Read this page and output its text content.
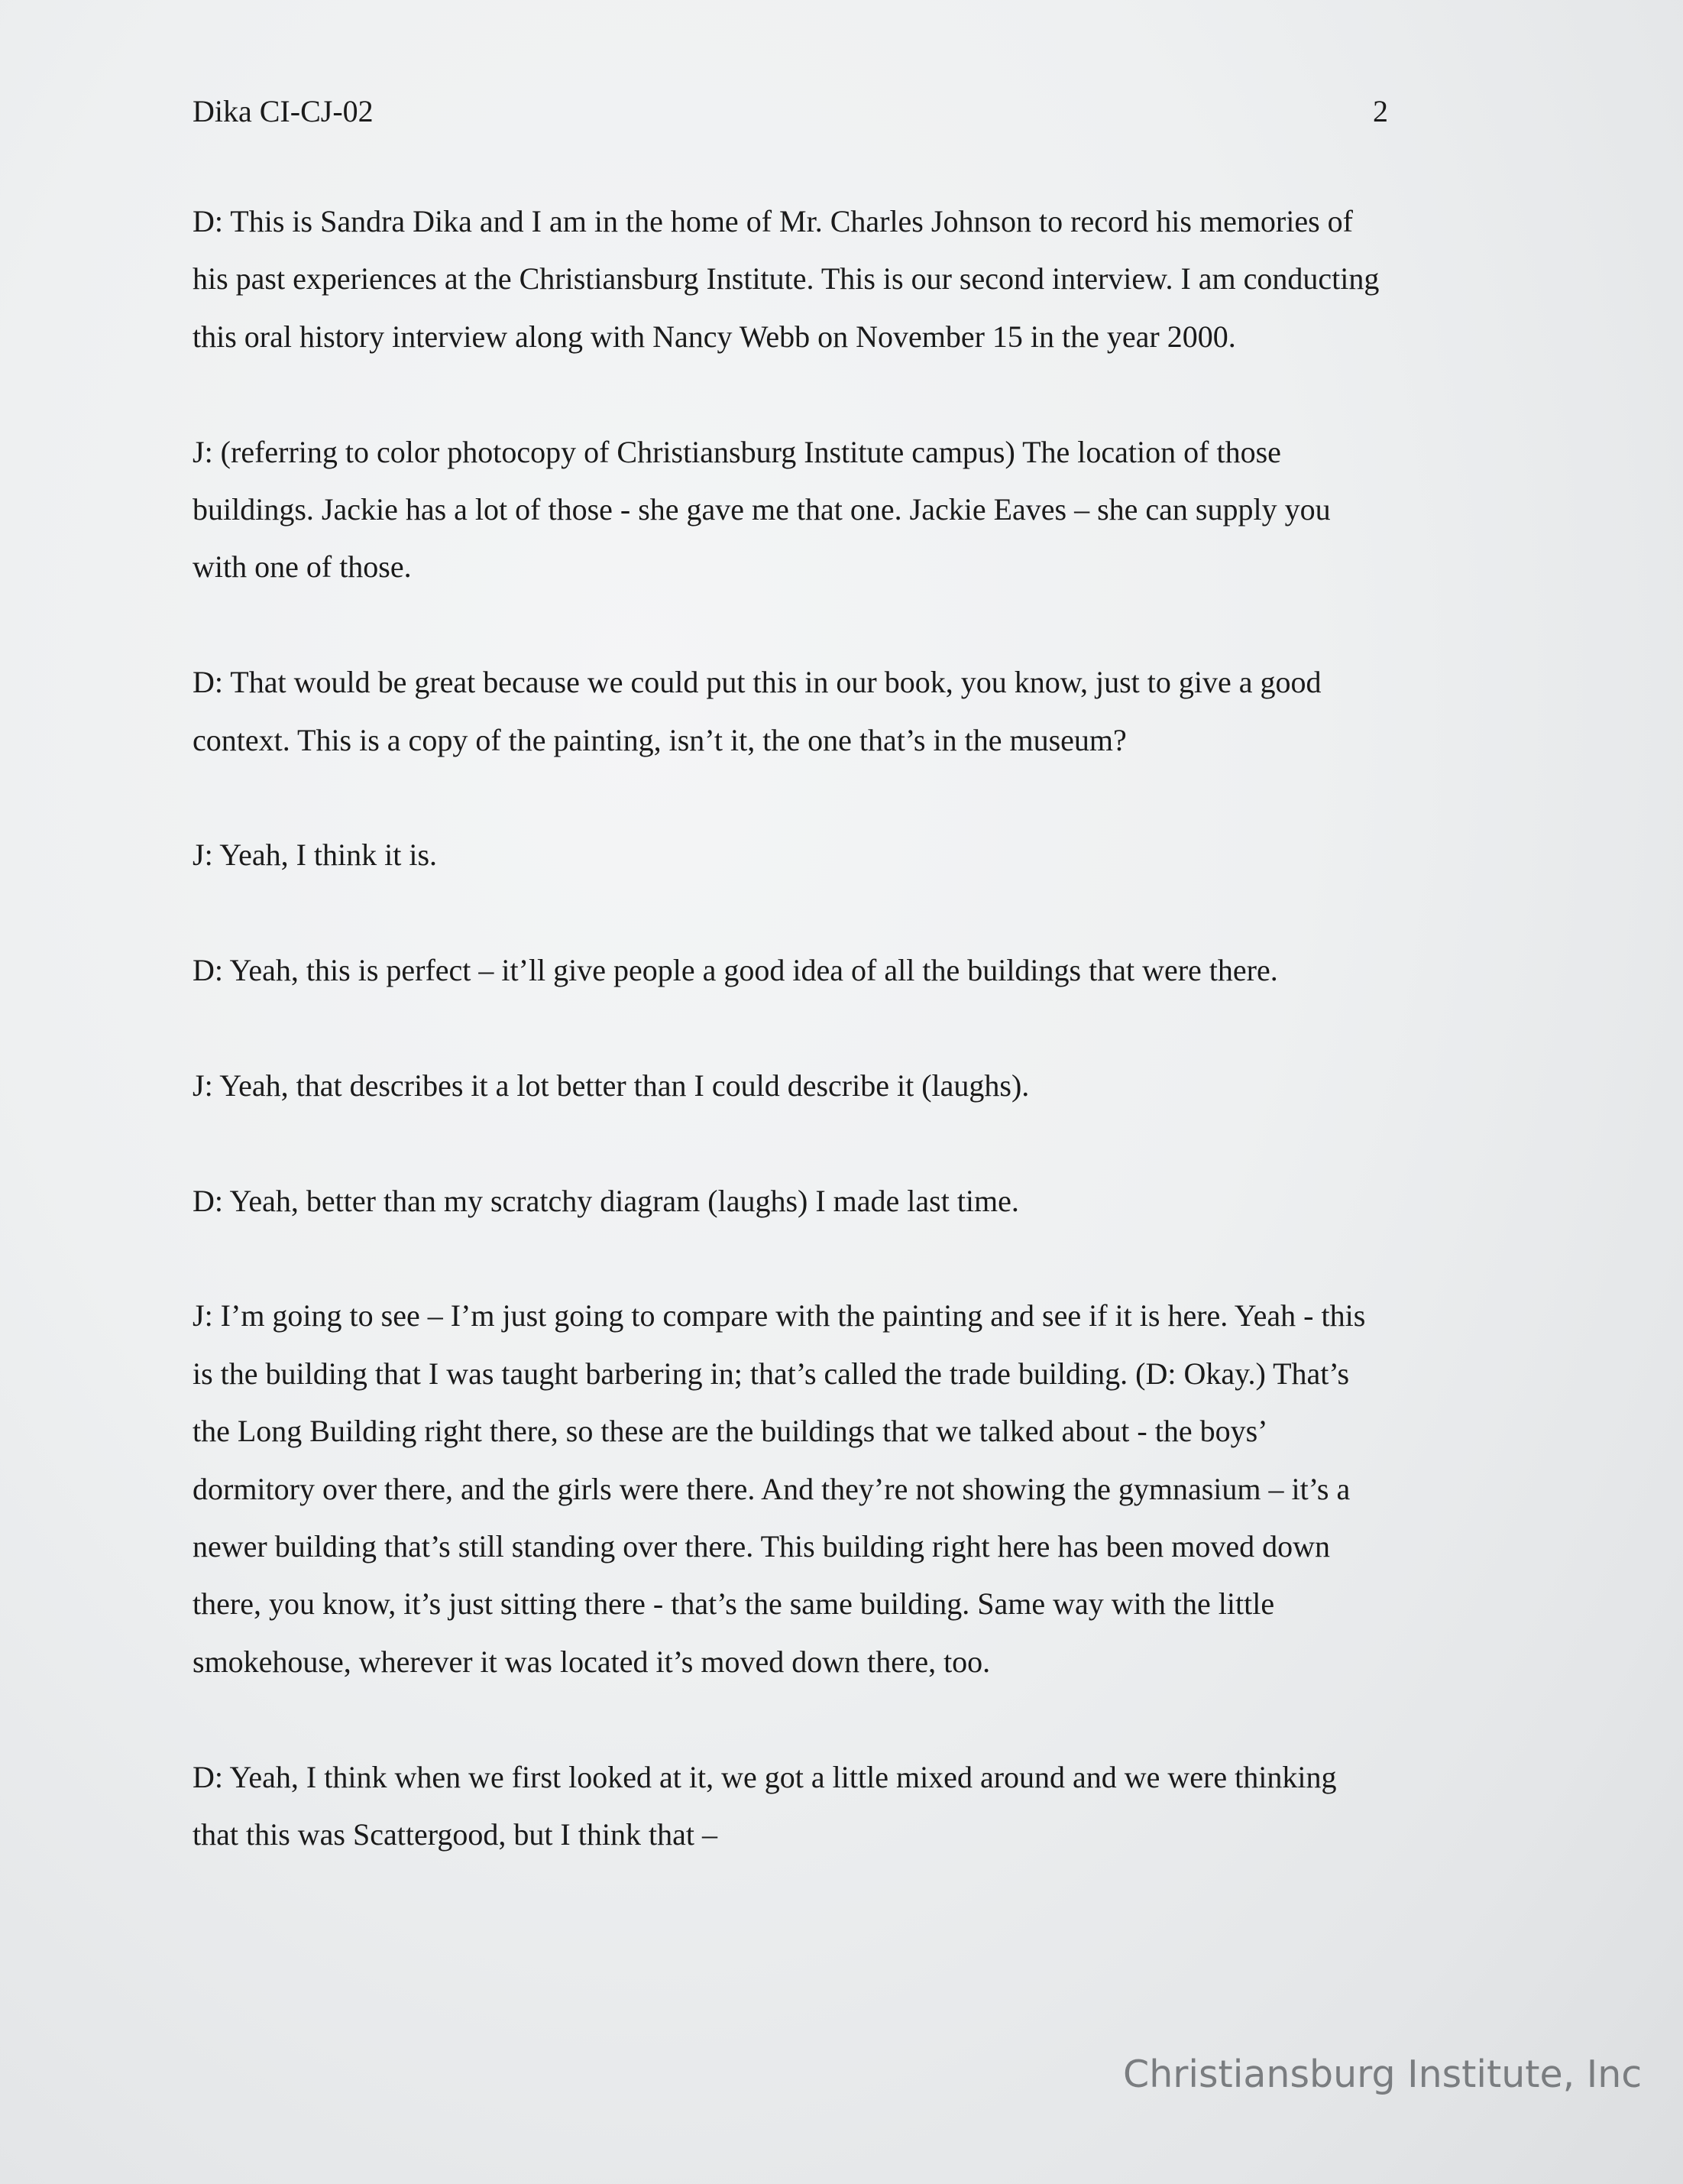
Dika CI-CJ-02	2

D: This is Sandra Dika and I am in the home of Mr. Charles Johnson to record his memories of
his past experiences at the Christiansburg Institute. This is our second interview. I am conducting
this oral history interview along with Nancy Webb on November 15 in the year 2000.

J: (referring to color photocopy of Christiansburg Institute campus) The location of those
buildings. Jackie has a lot of those - she gave me that one. Jackie Eaves – she can supply you
with one of those.

D: That would be great because we could put this in our book, you know, just to give a good
context. This is a copy of the painting, isn’t it, the one that’s in the museum?

J: Yeah, I think it is.

D: Yeah, this is perfect – it’ll give people a good idea of all the buildings that were there.

J: Yeah, that describes it a lot better than I could describe it (laughs).

D: Yeah, better than my scratchy diagram (laughs) I made last time.

J: I’m going to see – I’m just going to compare with the painting and see if it is here. Yeah - this
is the building that I was taught barbering in; that’s called the trade building. (D: Okay.) That’s
the Long Building right there, so these are the buildings that we talked about - the boys’
dormitory over there, and the girls were there. And they’re not showing the gymnasium – it’s a
newer building that’s still standing over there. This building right here has been moved down
there, you know, it’s just sitting there - that’s the same building. Same way with the little
smokehouse, wherever it was located it’s moved down there, too.

D: Yeah, I think when we first looked at it, we got a little mixed around and we were thinking
that this was Scattergood, but I think that –

Christiansburg Institute, Inc
